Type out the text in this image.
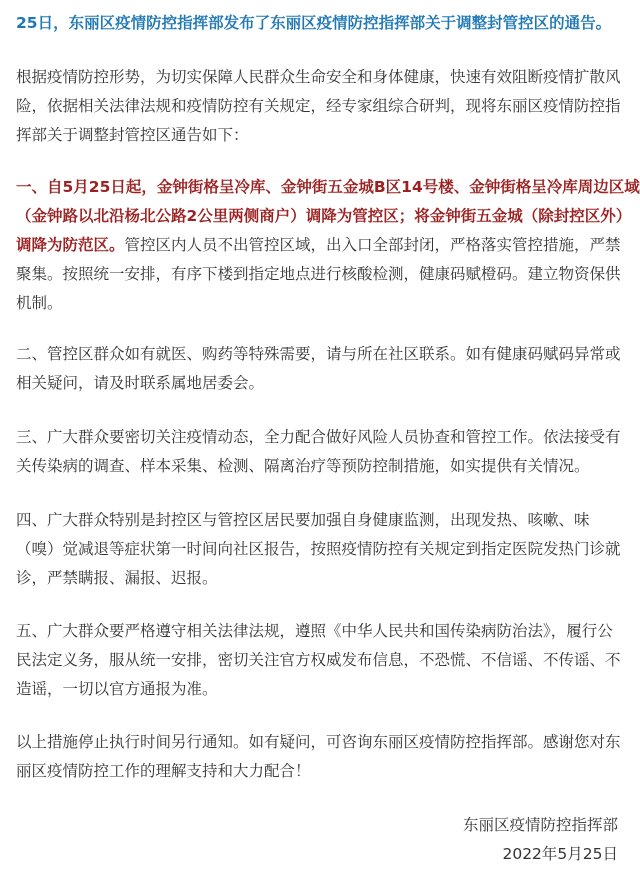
25日，东丽区疫情防控指挥部发布了东丽区疫情防控指挥部关于调整封管控区的通告。
根据疫情防控形势，为切实保障人民群众生命安全和身体健康，快速有效阻断疫情扩散风
险，依据相关法律法规和疫情防控有关规定，经专家组综合研判，现将东丽区疫情防控指
挥部关于调整封管控区通告如下：
一、自5月25日起，金钟街格呈冷库、金钟街五金城B区14号楼、金钟街格呈冷库周边区域
（金钟路以北沿杨北公路2公里两侧商户）调降为管控区；将金钟街五金城（除封控区外）
调降为防范区。管控区内人员不出管控区域，出入口全部封闭，严格落实管控措施，严禁
聚集。按照统一安排，有序下楼到指定地点进行核酸检测，健康码赋橙码。建立物资保供
机制。
二、管控区群众如有就医、购药等特殊需要，请与所在社区联系。如有健康码赋码异常或
相关疑问，请及时联系属地居委会。
三、广大群众要密切关注疫情动态，全力配合做好风险人员协查和管控工作。依法接受有
关传染病的调查、样本采集、检测、隔离治疗等预防控制措施，如实提供有关情况。
四、广大群众特别是封控区与管控区居民要加强自身健康监测，出现发热、咳嗽、味
（嗅）觉减退等症状第一时间向社区报告，按照疫情防控有关规定到指定医院发热门诊就
诊，严禁瞒报、漏报、迟报。
五、广大群众要严格遵守相关法律法规，遵照《中华人民共和国传染病防治法》，履行公
民法定义务，服从统一安排，密切关注官方权威发布信息，不恐慌、不信谣、不传谣、不
造谣，一切以官方通报为准。
以上措施停止执行时间另行通知。如有疑问，可咨询东丽区疫情防控指挥部。感谢您对东
丽区疫情防控工作的理解支持和大力配合！
东丽区疫情防控指挥部
2022年5月25日
